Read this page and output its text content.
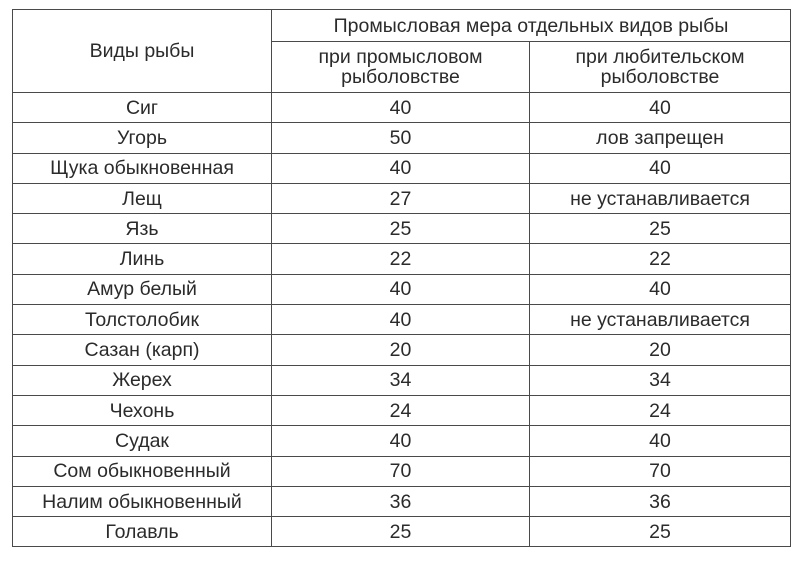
Виды рыбы	Промысловая мера отдельных видов рыбы	
	при промысловом рыболовстве	при любительском рыболовстве
Сиг	40	40
Угорь	50	лов запрещен
Щука обыкновенная	40	40
Лещ	27	не устанавливается
Язь	25	25
Линь	22	22
Амур белый	40	40
Толстолобик	40	не устанавливается
Сазан (карп)	20	20
Жерех	34	34
Чехонь	24	24
Судак	40	40
Сом обыкновенный	70	70
Налим обыкновенный	36	36
Голавль	25	25
